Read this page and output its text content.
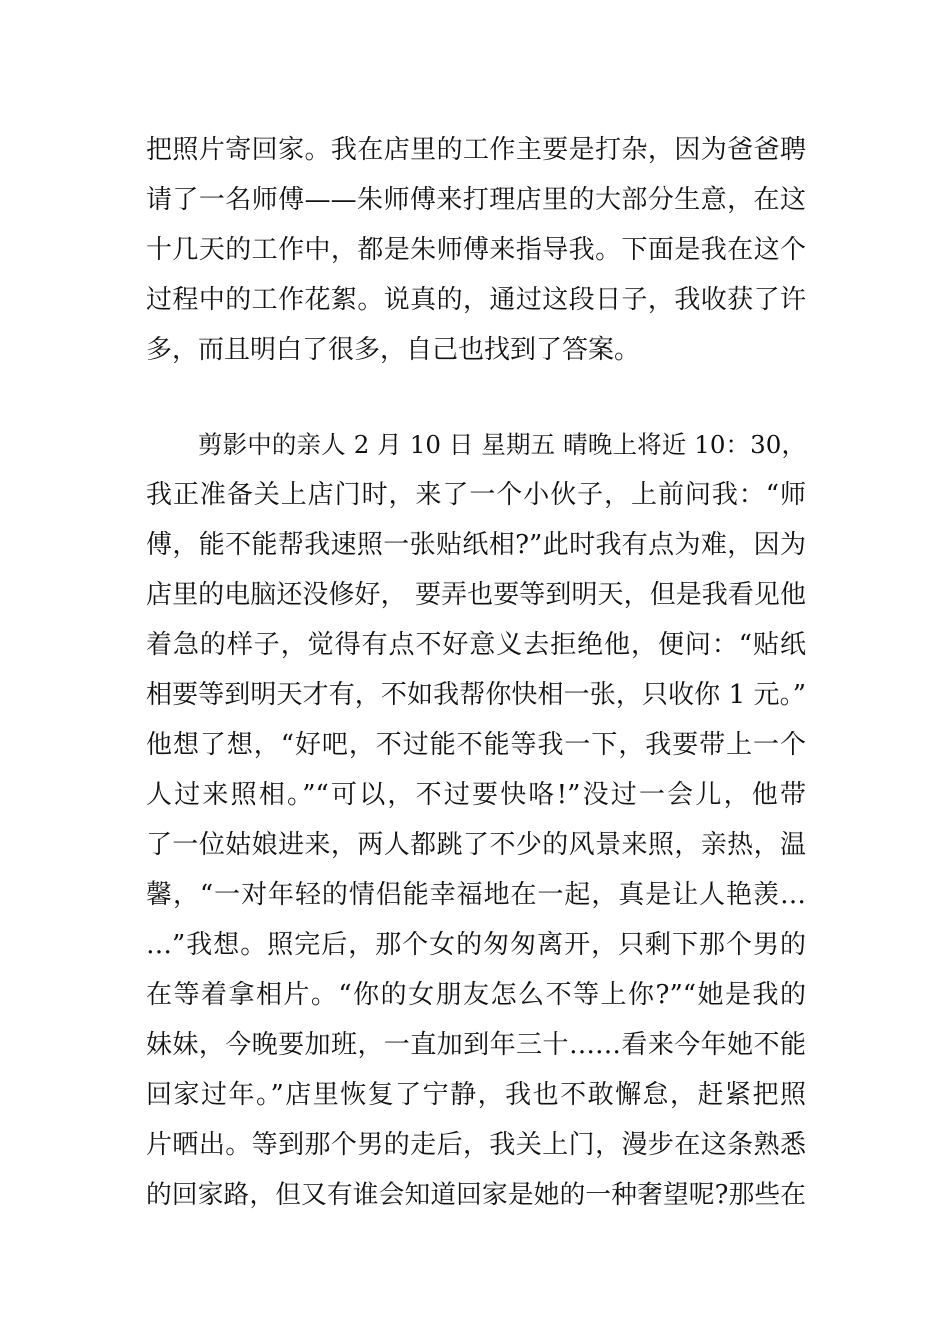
把照片寄回家。我在店里的工作主要是打杂，因为爸爸聘
请了一名师傅——朱师傅来打理店里的大部分生意，在这
十几天的工作中，都是朱师傅来指导我。下面是我在这个
过程中的工作花絮。说真的，通过这段日子，我收获了许
多，而且明白了很多，自己也找到了答案。
剪影中的亲人 2 月 10 日 星期五 晴晚上将近 10：30，
我正准备关上店门时，来了一个小伙子，上前问我：“师
傅，能不能帮我速照一张贴纸相?”此时我有点为难，因为
店里的电脑还没修好， 要弄也要等到明天，但是我看见他
着急的样子，觉得有点不好意义去拒绝他，便问：“贴纸
相要等到明天才有，不如我帮你快相一张，只收你 1 元。”
他想了想，“好吧，不过能不能等我一下，我要带上一个
人过来照相。”“可以，不过要快咯!”没过一会儿，他带
了一位姑娘进来，两人都跳了不少的风景来照，亲热，温
馨，“一对年轻的情侣能幸福地在一起，真是让人艳羡…
…”我想。照完后，那个女的匆匆离开，只剩下那个男的
在等着拿相片。“你的女朋友怎么不等上你?”“她是我的
妹妹，今晚要加班，一直加到年三十……看来今年她不能
回家过年。”店里恢复了宁静，我也不敢懈怠，赶紧把照
片晒出。等到那个男的走后，我关上门，漫步在这条熟悉
的回家路，但又有谁会知道回家是她的一种奢望呢?那些在
